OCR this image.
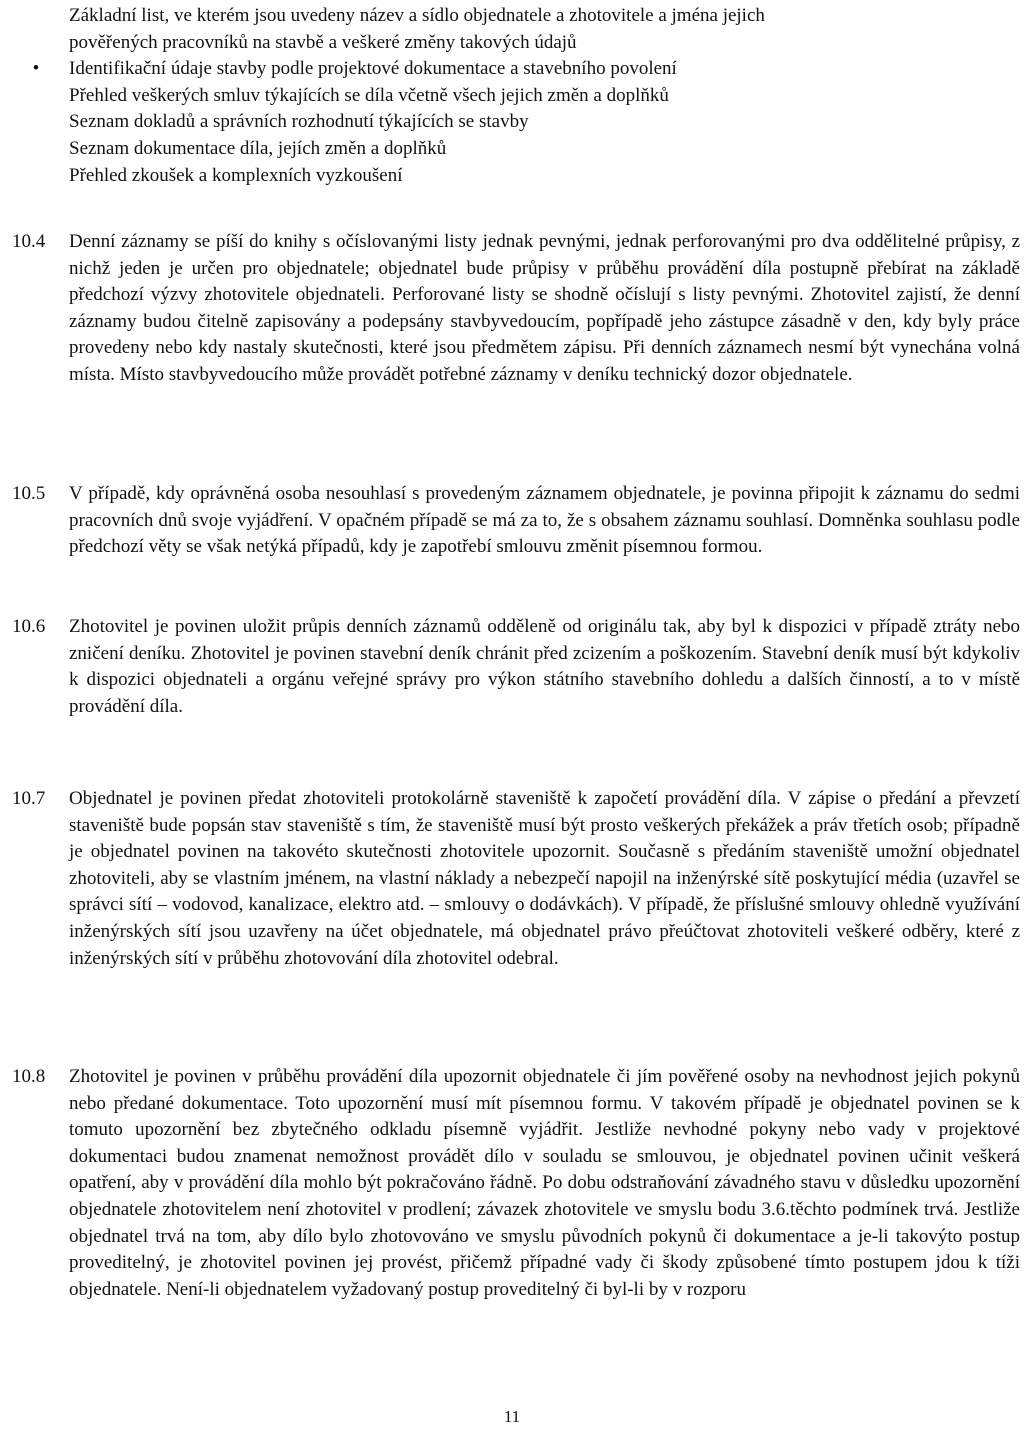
Základní list, ve kterém jsou uvedeny název a sídlo objednatele a zhotovitele a jména jejich
pověřených pracovníků na stavbě a veškeré změny takových údajů
• Identifikační údaje stavby podle projektové dokumentace a stavebního povolení
Přehled veškerých smluv týkajících se díla včetně všech jejich změn a doplňků
Seznam dokladů a správních rozhodnutí týkajících se stavby
Seznam dokumentace díla, jejích změn a doplňků
Přehled zkoušek a komplexních vyzkoušení
10.4	Denní záznamy se píší do knihy s očíslovanými listy jednak pevnými, jednak perforovanými pro dva oddělitelné průpisy, z nichž jeden je určen pro objednatele; objednatel bude průpisy v průběhu provádění díla postupně přebírat na základě předchozí výzvy zhotovitele objednateli. Perforované listy se shodně očíslují s listy pevnými. Zhotovitel zajistí, že denní záznamy budou čitelně zapisovány a podepsány stavbyvedoucím, popřípadě jeho zástupce zásadně v den, kdy byly práce provedeny nebo kdy nastaly skutečnosti, které jsou předmětem zápisu. Při denních záznamech nesmí být vynechána volná místa. Místo stavbyvedoucího může provádět potřebné záznamy v deníku technický dozor objednatele.
10.5	V případě, kdy oprávněná osoba nesouhlasí s provedeným záznamem objednatele, je povinna připojit k záznamu do sedmi pracovních dnů svoje vyjádření. V opačném případě se má za to, že s obsahem záznamu souhlasí. Domněnka souhlasu podle předchozí věty se však netýká případů, kdy je zapotřebí smlouvu změnit písemnou formou.
10.6	Zhotovitel je povinen uložit průpis denních záznamů odděleně od originálu tak, aby byl k dispozici v případě ztráty nebo zničení deníku. Zhotovitel je povinen stavební deník chránit před zcizením a poškozením. Stavební deník musí být kdykoliv k dispozici objednateli a orgánu veřejné správy pro výkon státního stavebního dohledu a dalších činností, a to v místě provádění díla.
10.7	Objednatel je povinen předat zhotoviteli protokolárně staveniště k započetí provádění díla. V zápise o předání a převzetí staveniště bude popsán stav staveniště s tím, že staveniště musí být prosto veškerých překážek a práv třetích osob; případně je objednatel povinen na takovéto skutečnosti zhotovitele upozornit. Současně s předáním staveniště umožní objednatel zhotoviteli, aby se vlastním jménem, na vlastní náklady a nebezpečí napojil na inženýrské sítě poskytující média (uzavřel se správci sítí – vodovod, kanalizace, elektro atd. – smlouvy o dodávkách). V případě, že příslušné smlouvy ohledně využívání inženýrských sítí jsou uzavřeny na účet objednatele, má objednatel právo přeúčtovat zhotoviteli veškeré odběry, které z inženýrských sítí v průběhu zhotovování díla zhotovitel odebral.
10.8	Zhotovitel je povinen v průběhu provádění díla upozornit objednatele či jím pověřené osoby na nevhodnost jejich pokynů nebo předané dokumentace. Toto upozornění musí mít písemnou formu. V takovém případě je objednatel povinen se k tomuto upozornění bez zbytečného odkladu písemně vyjádřit. Jestliže nevhodné pokyny nebo vady v projektové dokumentaci budou znamenat nemožnost provádět dílo v souladu se smlouvou, je objednatel povinen učinit veškerá opatření, aby v provádění díla mohlo být pokračováno řádně. Po dobu odstraňování závadného stavu v důsledku upozornění objednatele zhotovitelem není zhotovitel v prodlení; závazek zhotovitele ve smyslu bodu 3.6.těchto podmínek trvá. Jestliže objednatel trvá na tom, aby dílo bylo zhotovováno ve smyslu původních pokynů či dokumentace a je-li takovýto postup proveditelný, je zhotovitel povinen jej provést, přičemž případné vady či škody způsobené tímto postupem jdou k tíži objednatele. Není-li objednatelem vyžadovaný postup proveditelný či byl-li by v rozporu
11
